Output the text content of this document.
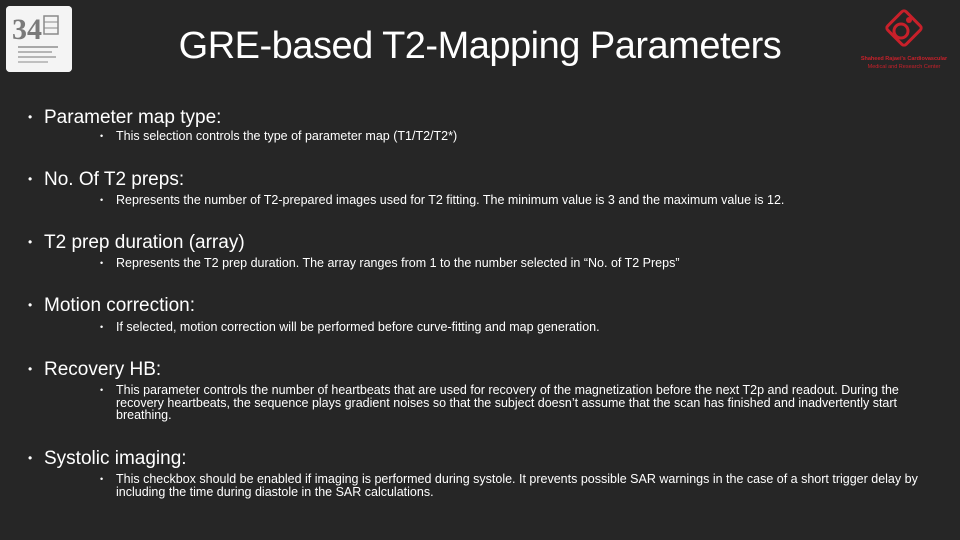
34
Shaheed Rajaei's Cardiovascular
Medical and Research Center
GRE-based T2-Mapping Parameters
• Parameter map type:
•	This selection controls the type of parameter map (T1/T2/T2*)
• No. Of T2 preps:
•	Represents the number of T2-prepared images used for T2 fitting. The minimum value is 3 and the maximum value is 12.
• T2 prep duration (array)
•	Represents the T2 prep duration. The array ranges from 1 to the number selected in “No. of T2 Preps”
• Motion correction:
•	If selected, motion correction will be performed before curve-fitting and map generation.
• Recovery HB:
•	This parameter controls the number of heartbeats that are used for recovery of the magnetization before the next T2p and readout. During the recovery heartbeats, the sequence plays gradient noises so that the subject doesn’t assume that the scan has finished and inadvertently start breathing.
• Systolic imaging:
•	This checkbox should be enabled if imaging is performed during systole. It prevents possible SAR warnings in the case of a short trigger delay by including the time during diastole in the SAR calculations.
